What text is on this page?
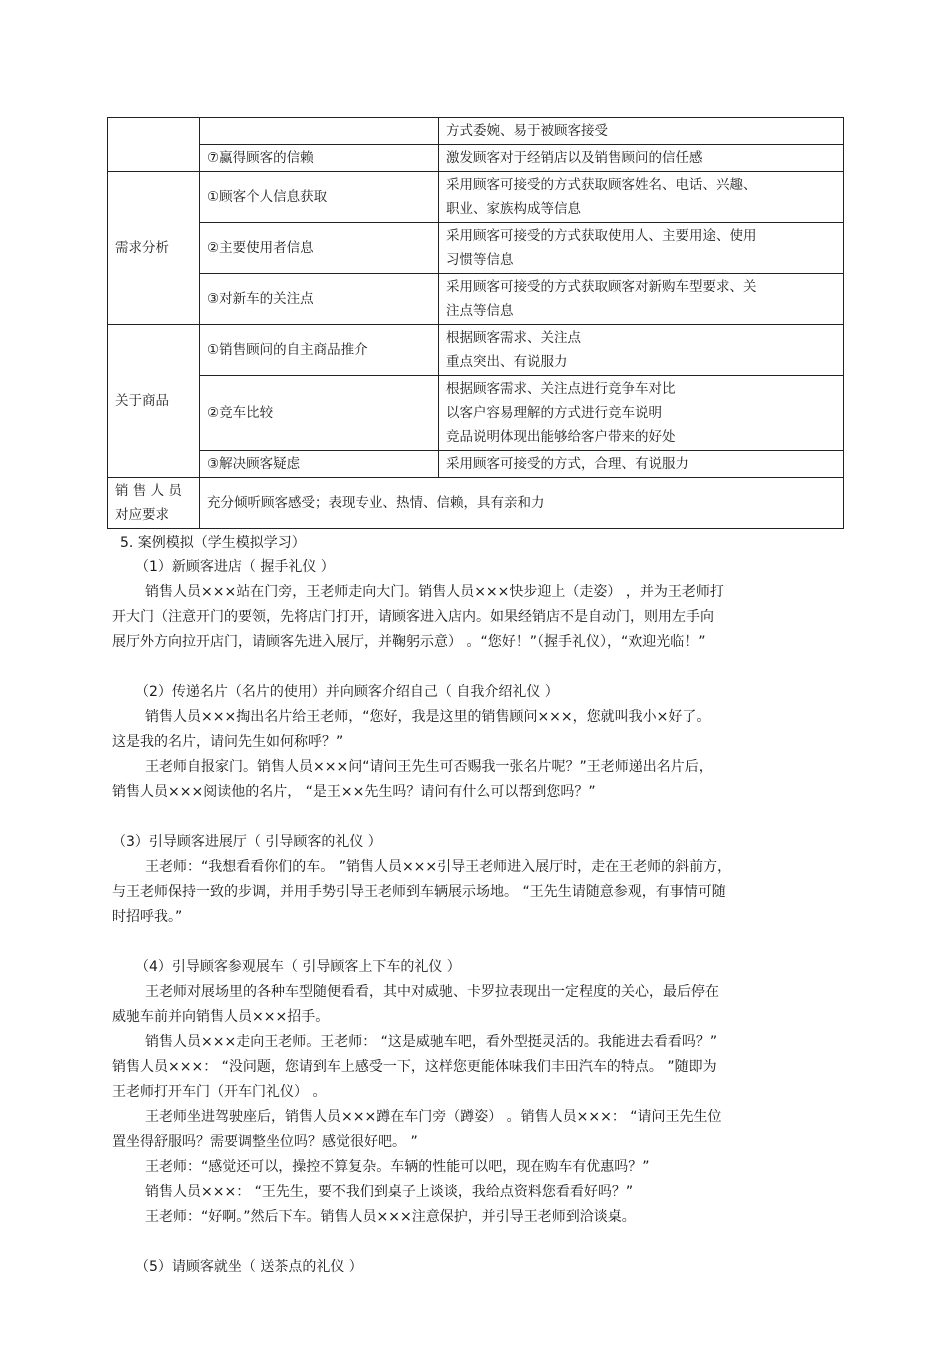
		方式委婉、易于被顾客接受
	⑦赢得顾客的信赖	激发顾客对于经销店以及销售顾问的信任感
需求分析	①顾客个人信息获取	采用顾客可接受的方式获取顾客姓名、电话、兴趣、
职业、家族构成等信息

	②主要使用者信息	采用顾客可接受的方式获取使用人、主要用途、使用
习惯等信息

	③对新车的关注点	采用顾客可接受的方式获取顾客对新购车型要求、关
注点等信息

关于商品	①销售顾问的自主商品推介	根据顾客需求、关注点
重点突出、有说服力

	②竞车比较	根据顾客需求、关注点进行竞争车对比
以客户容易理解的方式进行竞车说明
竞品说明体现出能够给客户带来的好处

	③解决顾客疑虑	采用顾客可接受的方式，合理、有说服力

销 售 人 员
对应要求	充分倾听顾客感受；表现专业、热情、信赖，具有亲和力	
5. 案例模拟（学生模拟学习）
（1）新顾客进店（ 握手礼仪 ）
销售人员×××站在门旁，王老师走向大门。销售人员×××快步迎上（走姿） ，并为王老师打
开大门（注意开门的要领，先将店门打开，请顾客进入店内。如果经销店不是自动门，则用左手向
展厅外方向拉开店门，请顾客先进入展厅，并鞠躬示意） 。“您好！”（握手礼仪），“欢迎光临！”
（2）传递名片（名片的使用）并向顾客介绍自己（ 自我介绍礼仪 ）
销售人员×××掏出名片给王老师，“您好，我是这里的销售顾问×××，您就叫我小×好了。
这是我的名片，请问先生如何称呼？”
王老师自报家门。销售人员×××问“请问王先生可否赐我一张名片呢？”王老师递出名片后，
销售人员×××阅读他的名片， “是王××先生吗？请问有什么可以帮到您吗？”
（3）引导顾客进展厅（ 引导顾客的礼仪 ）
王老师：“我想看看你们的车。 ”销售人员×××引导王老师进入展厅时，走在王老师的斜前方，
与王老师保持一致的步调，并用手势引导王老师到车辆展示场地。 “王先生请随意参观，有事情可随
时招呼我。”
（4）引导顾客参观展车（ 引导顾客上下车的礼仪 ）
王老师对展场里的各种车型随便看看，其中对威驰、卡罗拉表现出一定程度的关心，最后停在
威驰车前并向销售人员×××招手。
销售人员×××走向王老师。王老师： “这是威驰车吧，看外型挺灵活的。我能进去看看吗？”
销售人员×××： “没问题，您请到车上感受一下，这样您更能体味我们丰田汽车的特点。 ”随即为
王老师打开车门（开车门礼仪） 。
王老师坐进驾驶座后，销售人员×××蹲在车门旁（蹲姿） 。销售人员×××： “请问王先生位
置坐得舒服吗？需要调整坐位吗？感觉很好吧。 ”
王老师：“感觉还可以，操控不算复杂。车辆的性能可以吧，现在购车有优惠吗？”
销售人员×××： “王先生，要不我们到桌子上谈谈，我给点资料您看看好吗？”
王老师：“好啊。”然后下车。销售人员×××注意保护，并引导王老师到洽谈桌。
（5）请顾客就坐（ 送茶点的礼仪 ）
